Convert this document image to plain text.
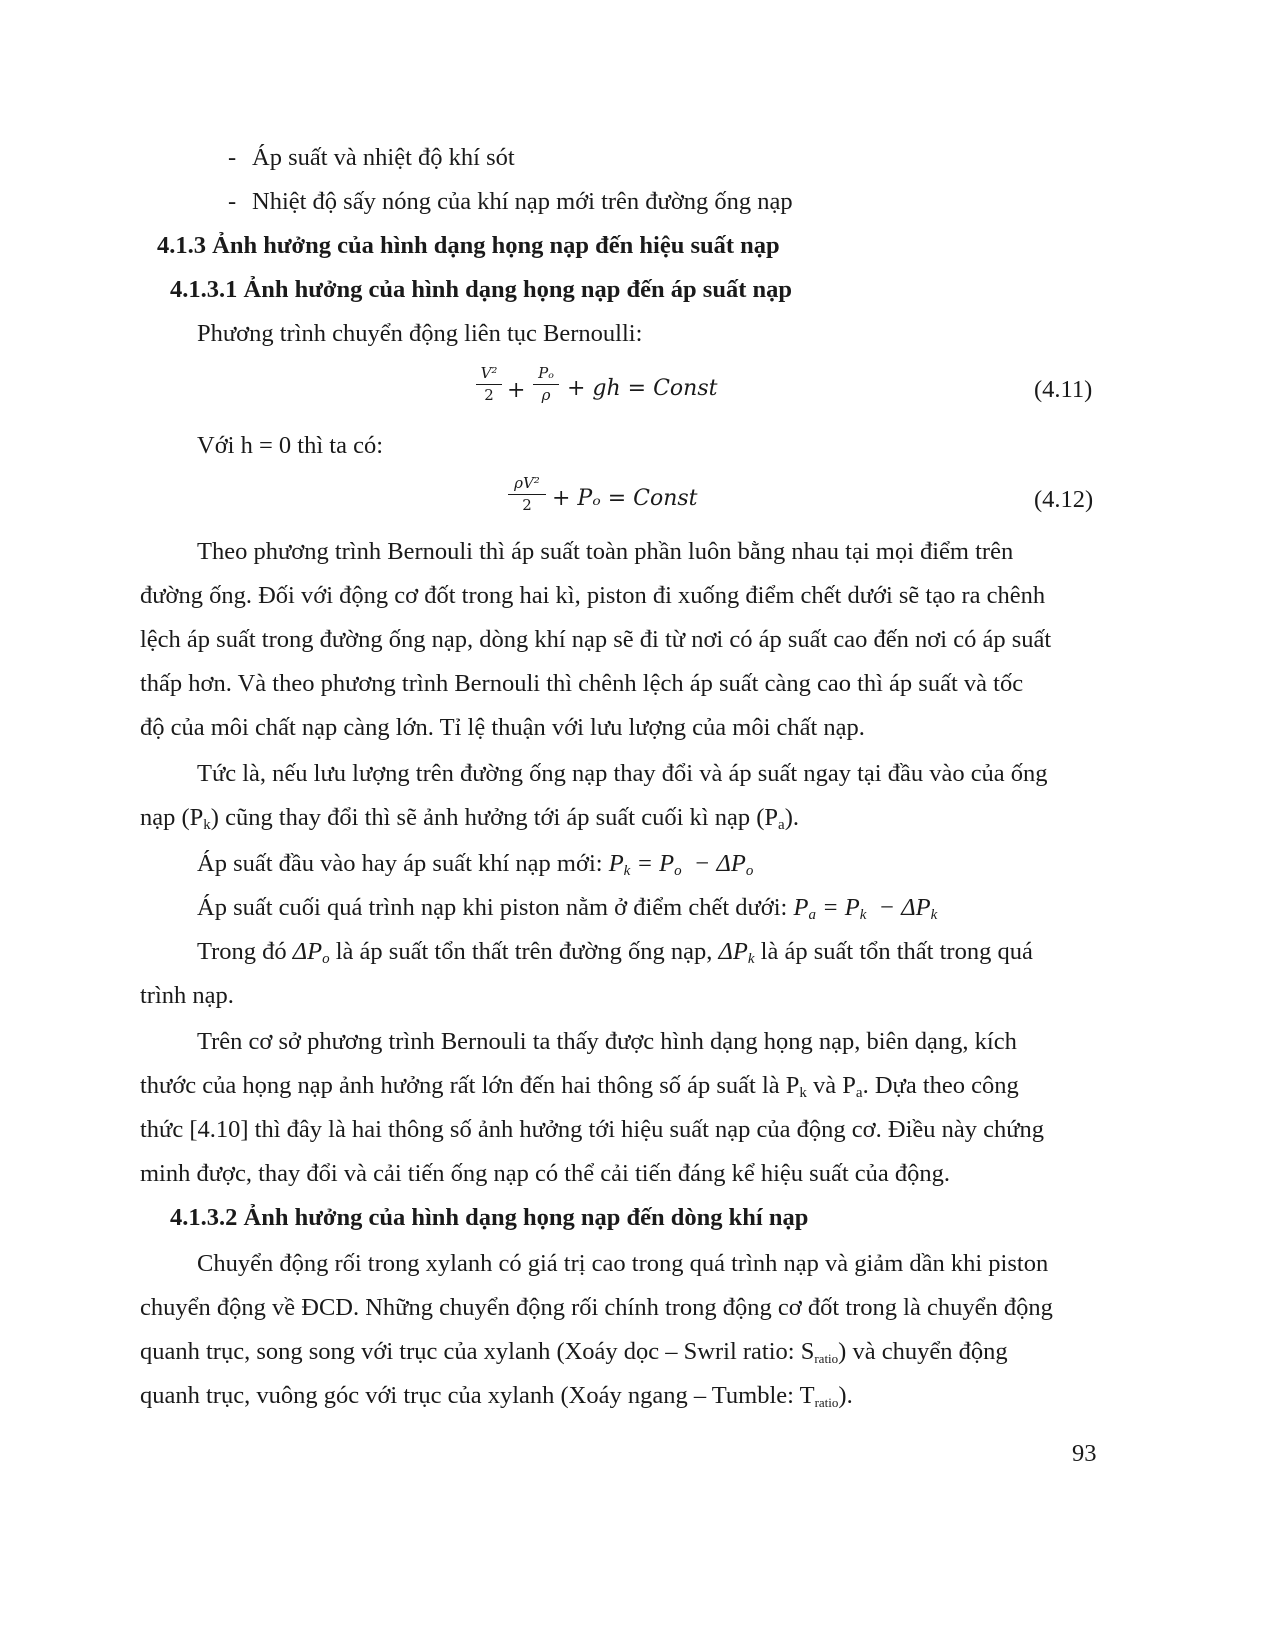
- Áp suất và nhiệt độ khí sót
- Nhiệt độ sấy nóng của khí nạp mới trên đường ống nạp
4.1.3 Ảnh hưởng của hình dạng họng nạp đến hiệu suất nạp
4.1.3.1 Ảnh hưởng của hình dạng họng nạp đến áp suất nạp
Phương trình chuyển động liên tục Bernoulli:
V²
2 +
Pₒ
ρ + gh = Const	(4.11)
Với h = 0 thì ta có:
ρV²
2 + Pₒ = Const	(4.12)
Theo phương trình Bernouli thì áp suất toàn phần luôn bằng nhau tại mọi điểm trên
đường ống. Đối với động cơ đốt trong hai kì, piston đi xuống điểm chết dưới sẽ tạo ra chênh
lệch áp suất trong đường ống nạp, dòng khí nạp sẽ đi từ nơi có áp suất cao đến nơi có áp suất
thấp hơn. Và theo phương trình Bernouli thì chênh lệch áp suất càng cao thì áp suất và tốc
độ của môi chất nạp càng lớn. Tỉ lệ thuận với lưu lượng của môi chất nạp.
Tức là, nếu lưu lượng trên đường ống nạp thay đổi và áp suất ngay tại đầu vào của ống
nạp $(P_k)$ cũng thay đổi thì sẽ ảnh hưởng tới áp suất cuối kì nạp $(P_a)$.
Áp suất đầu vào hay áp suất khí nạp mới: $P_k = P_o - \Delta P_o$
Áp suất cuối quá trình nạp khi piston nằm ở điểm chết dưới: $P_a = P_k - \Delta P_k$
Trong đó $\Delta P_o$ là áp suất tổn thất trên đường ống nạp, $\Delta P_k$ là áp suất tổn thất trong quá
trình nạp.
Trên cơ sở phương trình Bernouli ta thấy được hình dạng họng nạp, biên dạng, kích
thước của họng nạp ảnh hưởng rất lớn đến hai thông số áp suất là $P_k$ và $P_a$. Dựa theo công
thức [4.10] thì đây là hai thông số ảnh hưởng tới hiệu suất nạp của động cơ. Điều này chứng
minh được, thay đổi và cải tiến ống nạp có thể cải tiến đáng kể hiệu suất của động.
4.1.3.2 Ảnh hưởng của hình dạng họng nạp đến dòng khí nạp
Chuyển động rối trong xylanh có giá trị cao trong quá trình nạp và giảm dần khi piston
chuyển động về ĐCD. Những chuyển động rối chính trong động cơ đốt trong là chuyển động
quanh trục, song song với trục của xylanh (Xoáy dọc – Swril ratio: $S_{ratio}$) và chuyển động
quanh trục, vuông góc với trục của xylanh (Xoáy ngang – Tumble: $T_{ratio}$).
93
